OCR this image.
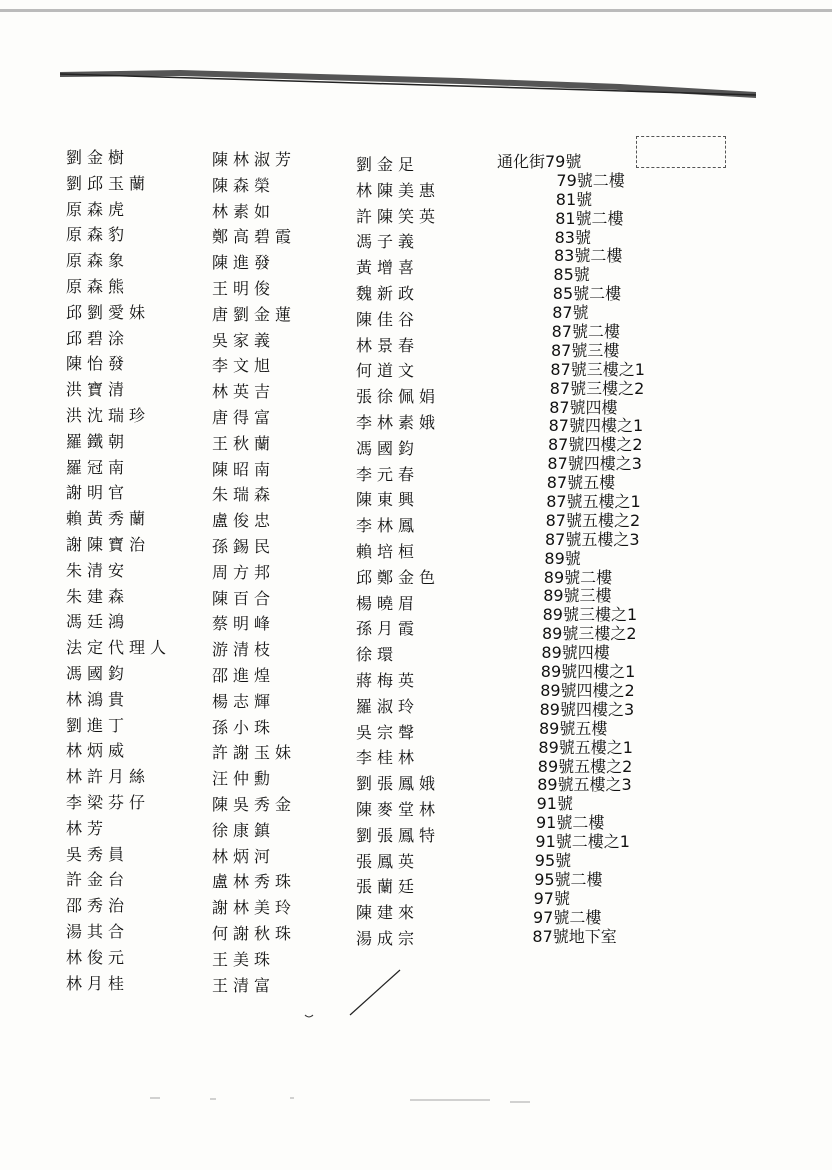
劉金樹
劉邱玉蘭
原森虎
原森豹
原森象
原森熊
邱劉愛妹
邱碧涂
陳怡發
洪寶清
洪沈瑞珍
羅鐵朝
羅冠南
謝明官
賴黃秀蘭
謝陳寶治
朱清安
朱建森
馮廷鴻
法定代理人
馮國鈞
林鴻貴
劉進丁
林炳威
林許月絲
李梁芬仔
林芳
吳秀員
許金台
邵秀治
湯其合
林俊元
林月桂
陳林淑芳
陳森榮
林素如
鄭高碧霞
陳進發
王明俊
唐劉金蓮
吳家義
李文旭
林英吉
唐得富
王秋蘭
陳昭南
朱瑞森
盧俊忠
孫錫民
周方邦
陳百合
蔡明峰
游清枝
邵進煌
楊志輝
孫小珠
許謝玉妹
汪仲勳
陳吳秀金
徐康鎮
林炳河
盧林秀珠
謝林美玲
何謝秋珠
王美珠
王清富
劉金足
林陳美惠
許陳笑英
馮子義
黃增喜
魏新政
陳佳谷
林景春
何道文
張徐佩娟
李林素娥
馮國鈞
李元春
陳東興
李林鳳
賴培桓
邱鄭金色
楊曉眉
孫月霞
徐環
蔣梅英
羅淑玲
吳宗聲
李桂林
劉張鳳娥
陳麥堂林
劉張鳳特
張鳳英
張蘭廷
陳建來
湯成宗
通化街79號
79號二樓
81號
81號二樓
83號
83號二樓
85號
85號二樓
87號
87號二樓
87號三樓
87號三樓之1
87號三樓之2
87號四樓
87號四樓之1
87號四樓之2
87號四樓之3
87號五樓
87號五樓之1
87號五樓之2
87號五樓之3
89號
89號二樓
89號三樓
89號三樓之1
89號三樓之2
89號四樓
89號四樓之1
89號四樓之2
89號四樓之3
89號五樓
89號五樓之1
89號五樓之2
89號五樓之3
91號
91號二樓
91號二樓之1
95號
95號二樓
97號
97號二樓
87號地下室
